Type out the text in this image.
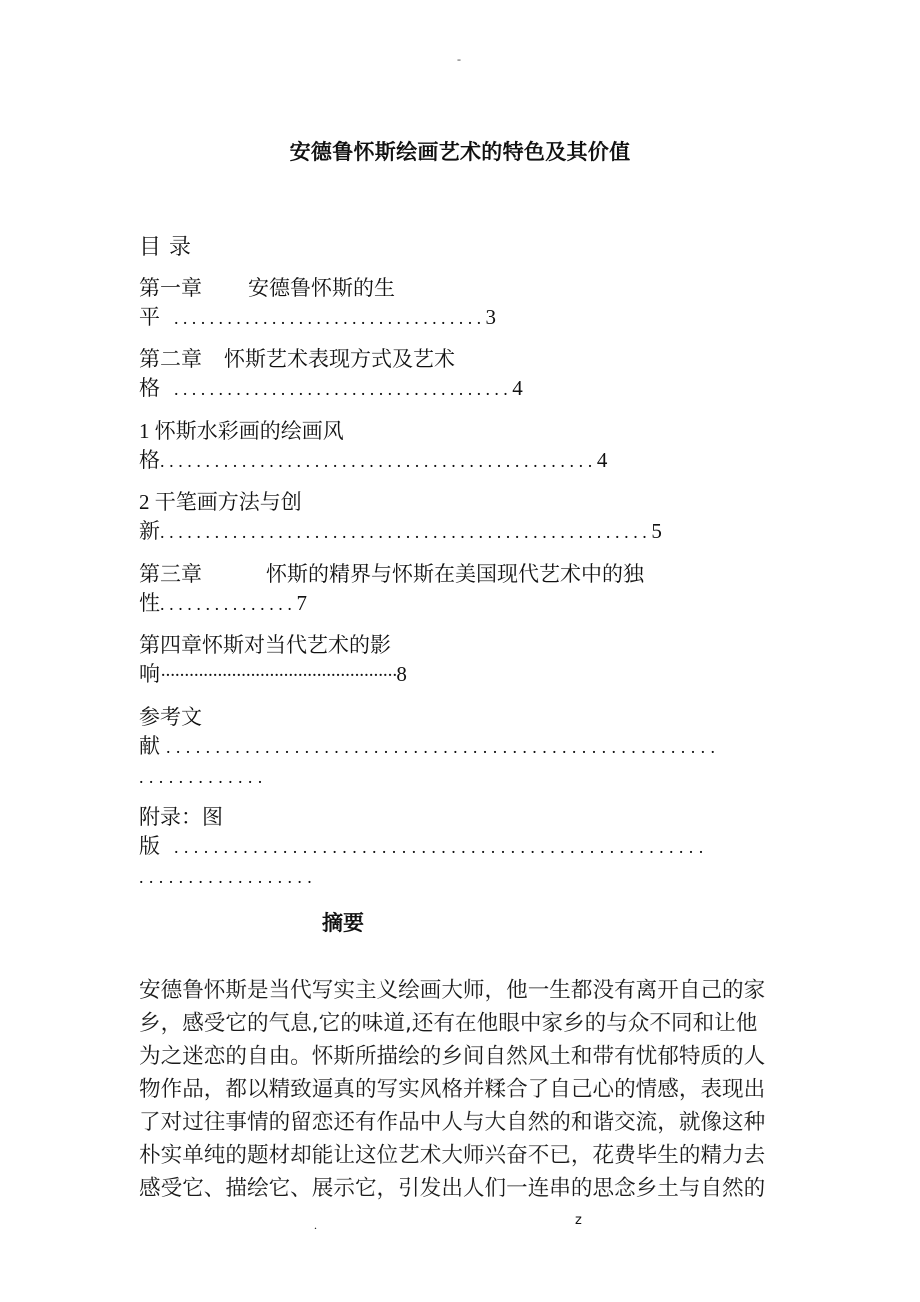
-
安德鲁怀斯绘画艺术的特色及其价值
目录
第一章 安德鲁怀斯的生
平 ...................................3
第二章 怀斯艺术表现方式及艺术
格 ......................................4
1 怀斯水彩画的绘画风
格................................................4
2 干笔画方法与创
新......................................................5
第三章	怀斯的精界与怀斯在美国现代艺术中的独
性...............7
第四章怀斯对当代艺术的影
响··················································8
参考文
献 ........................................................
.............
附录：图
版 ......................................................
..................
摘要
安德鲁怀斯是当代写实主义绘画大师，他一生都没有离开自己的家
乡，感受它的气息,它的味道,还有在他眼中家乡的与众不同和让他
为之迷恋的自由。怀斯所描绘的乡间自然风土和带有忧郁特质的人
物作品，都以精致逼真的写实风格并糅合了自己心的情感，表现出
了对过往事情的留恋还有作品中人与大自然的和谐交流，就像这种
朴实单纯的题材却能让这位艺术大师兴奋不已，花费毕生的精力去
感受它、描绘它、展示它，引发出人们一连串的思念乡土与自然的
.	z
